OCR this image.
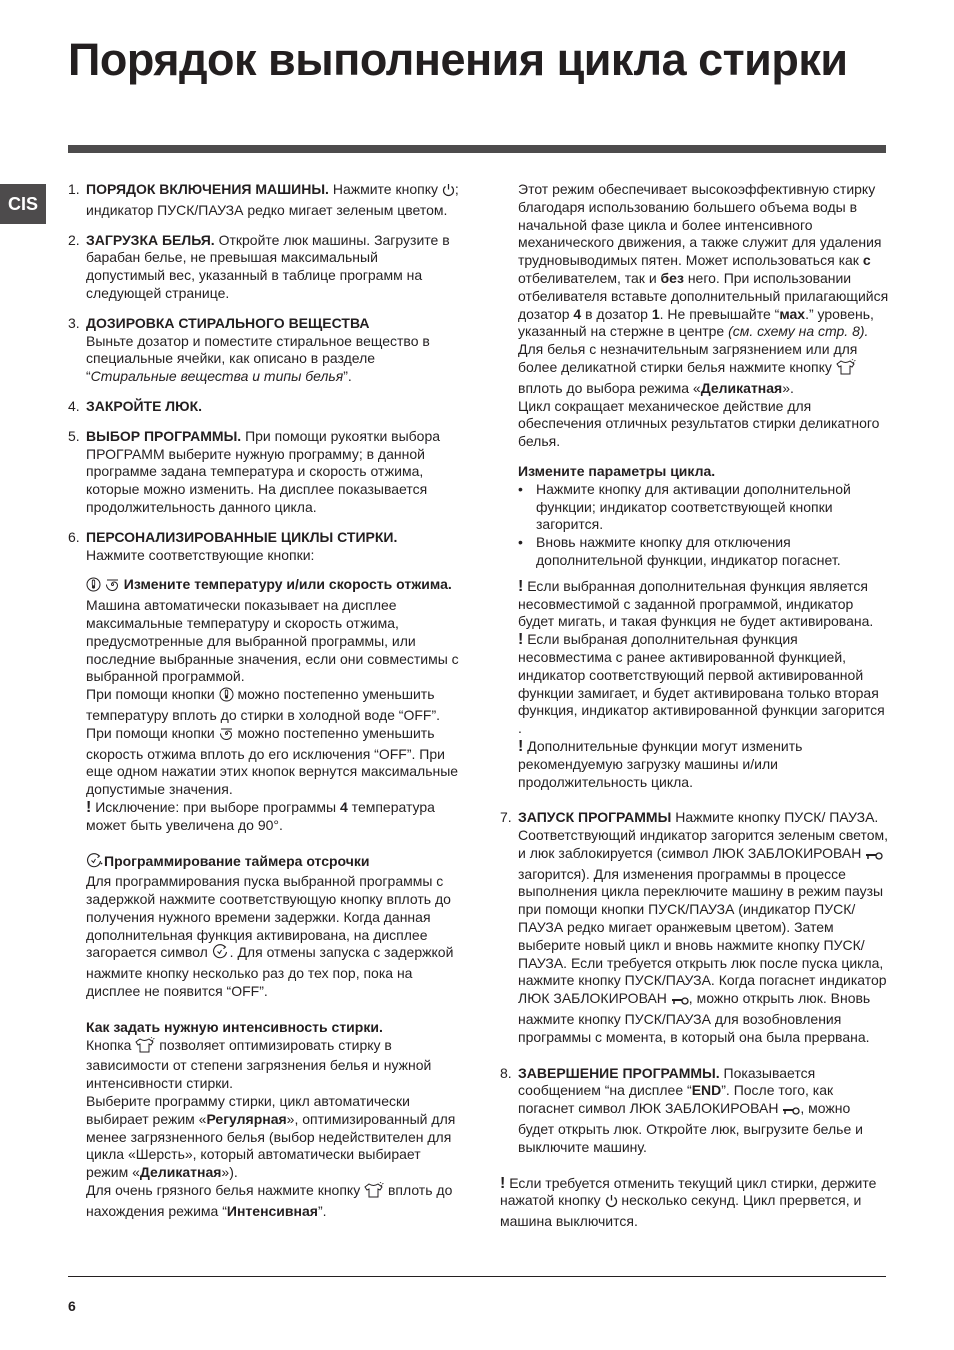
Порядок выполнения цикла стирки
CIS
1. ПОРЯДОК ВКЛЮЧЕНИЯ МАШИНЫ. Нажмите кнопку ; индикатор ПУСК/ПАУЗА редко мигает зеленым цветом.
2. ЗАГРУЗКА БЕЛЬЯ. Откройте люк машины. Загрузите в барабан белье, не превышая максимальный допустимый вес, указанный в таблице программ на следующей странице.
3. ДОЗИРОВКА СТИРАЛЬНОГО ВЕЩЕСТВА

Выньте дозатор и поместите стиральное вещество в специальные ячейки, как описано в разделе “Стиральные вещества и типы белья”.

4. ЗАКРОЙТЕ ЛЮК.
5. ВЫБОР ПРОГРАММЫ. При помощи рукоятки выбора ПРОГРАММ выберите нужную программу; в данной программе задана температура и скорость отжима, которые можно изменить. На дисплее показывается продолжительность данного цикла.
6. ПЕРСОНАЛИЗИРОВАННЫЕ ЦИКЛЫ СТИРКИ.

Нажмите соответствующие кнопки:

Измените температуру и/или скорость отжима. Машина автоматически показывает на дисплее максимальные температуру и скорость отжима, предусмотренные для выбранной программы, или последние выбранные значения, если они совместимы с выбранной программой.

При помощи кнопки  можно постепенно уменьшить температуру вплоть до стирки в холодной воде “OFF”. При помощи кнопки  можно постепенно уменьшить скорость отжима вплоть до его исключения “OFF”. При еще одном нажатии этих кнопок вернутся максимальные допустимые значения.

! Исключение: при выборе программы 4 температура может быть увеличена до 90°.

Программирование таймера отсрочки

Для программирования пуска выбранной программы с задержкой нажмите соответствующую кнопку вплоть до получения нужного времени задержки. Когда данная дополнительная функция активирована, на дисплее загорается символ . Для отмены запуска с задержкой нажмите кнопку несколько раз до тех пор, пока на дисплее не появится “OFF”.

Как задать нужную интенсивность стирки.

Кнопка  позволяет оптимизировать стирку в зависимости от степени загрязнения белья и нужной интенсивности стирки.

Выберите программу стирки, цикл автоматически выбирает режим «Регулярная», оптимизированный для менее загрязненного белья (выбор недействителен для цикла «Шерсть», который автоматически выбирает режим «Деликатная»).

Для очень грязного белья нажмите кнопку  вплоть до нахождения режима “Интенсивная”.

Этот режим обеспечивает высокоэффективную стирку благодаря использованию большего объема воды в начальной фазе цикла и более интенсивного механического движения, а также служит для удаления трудновыводимых пятен. Может использоваться как с отбеливателем, так и без него. При использовании отбеливателя вставьте дополнительный прилагающийся дозатор 4 в дозатор 1. Не превышайте “мах.” уровень, указанный на стержне в центре (см. схему на стр. 8).

Для белья с незначительным загрязнением или для более деликатной стирки белья нажмите кнопку  вплоть до выбора режима «Деликатная».

Цикл сокращает механическое действие для обеспечения отличных результатов стирки деликатного белья.

Измените параметры цикла.

• Нажмите кнопку для активации дополнительной функции; индикатор соответствующей кнопки загорится.
• Вновь нажмите кнопку для отключения дополнительной функции, индикатор погаснет.

! Если выбранная дополнительная функция является несовместимой с заданной программой, индикатор будет мигать, и такая функция не будет активирована.

! Если выбраная дополнительная функция несовместима с ранее активированной функцией, индикатор соответствующий первой активированной функции замигает, и будет активирована только вторая функция, индикатор активированной функции загорится .

! Дополнительные функции могут изменить рекомендуемую загрузку машины и/или продолжительность цикла.

7. ЗАПУСК ПРОГРАММЫ Нажмите кнопку ПУСК/ ПАУЗА. Соответствующий индикатор загорится зеленым светом, и люк заблокируется (символ ЛЮК ЗАБЛОКИРОВАН  загорится). Для изменения программы в процессе выполнения цикла переключите машину в режим паузы при помощи кнопки ПУСК/ПАУЗА (индикатор ПУСК/ПАУЗА редко мигает оранжевым цветом). Затем выберите новый цикл и вновь нажмите кнопку ПУСК/ПАУЗА. Если требуется открыть люк после пуска цикла, нажмите кнопку ПУСК/ПАУЗА. Когда погаснет индикатор ЛЮК ЗАБЛОКИРОВАН , можно открыть люк. Вновь нажмите кнопку ПУСК/ПАУЗА для возобновления программы с момента, в который она была прервана.
8. ЗАВЕРШЕНИЕ ПРОГРАММЫ. Показывается сообщением “на дисплее “END”. После того, как погаснет символ ЛЮК ЗАБЛОКИРОВАН , можно будет открыть люк. Откройте люк, выгрузите белье и выключите машину.

! Если требуется отменить текущий цикл стирки, держите нажатой кнопку  несколько секунд. Цикл прервется, и машина выключится.

6
